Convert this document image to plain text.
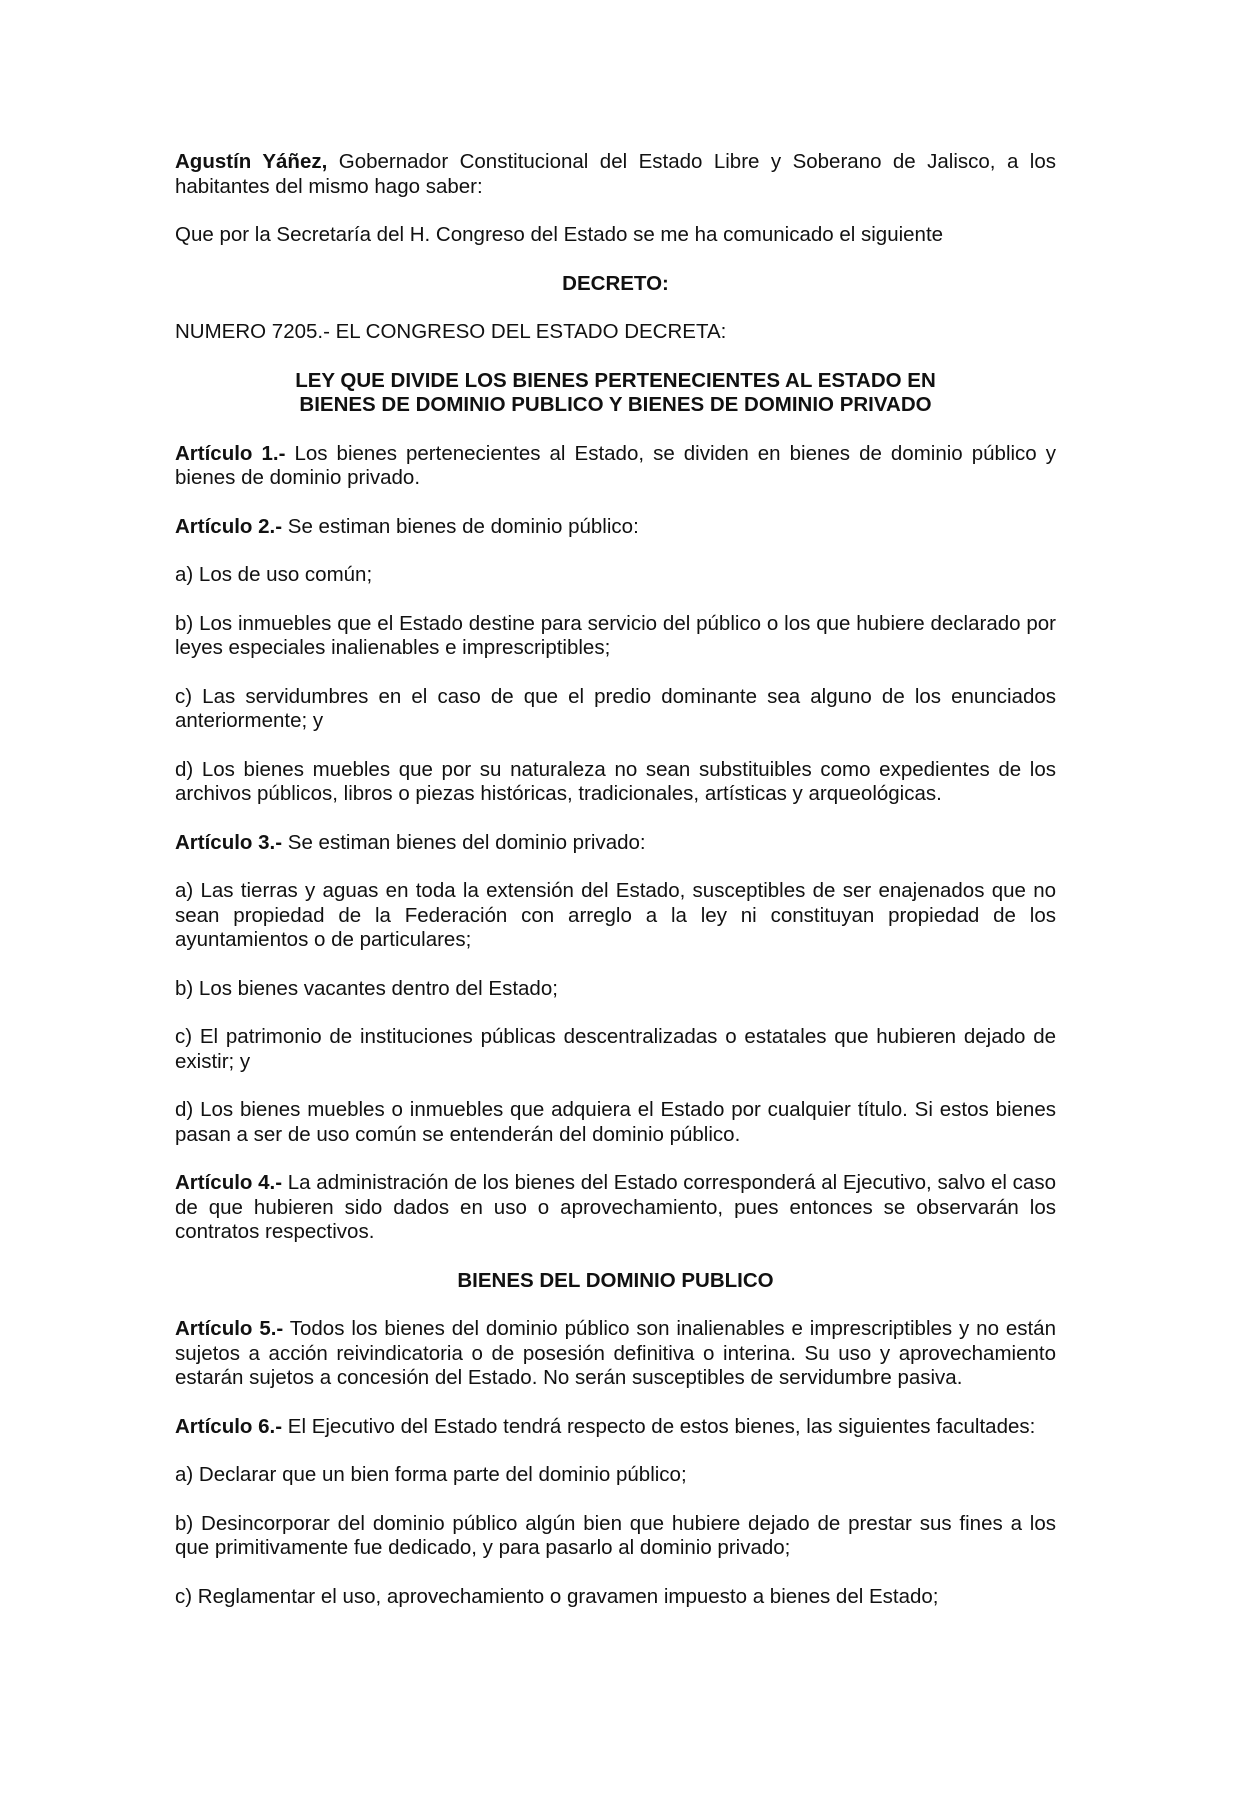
Agustín Yáñez, Gobernador Constitucional del Estado Libre y Soberano de Jalisco, a los habitantes del mismo hago saber:

Que por la Secretaría del H. Congreso del Estado se me ha comunicado el siguiente

DECRETO:

NUMERO 7205.- EL CONGRESO DEL ESTADO DECRETA:

LEY QUE DIVIDE LOS BIENES PERTENECIENTES AL ESTADO EN
BIENES DE DOMINIO PUBLICO Y BIENES DE DOMINIO PRIVADO

Artículo 1.- Los bienes pertenecientes al Estado, se dividen en bienes de dominio público y bienes de dominio privado.

Artículo 2.- Se estiman bienes de dominio público:

a) Los de uso común;

b) Los inmuebles que el Estado destine para servicio del público o los que hubiere declarado por leyes especiales inalienables e imprescriptibles;

c) Las servidumbres en el caso de que el predio dominante sea alguno de los enunciados anteriormente; y

d) Los bienes muebles que por su naturaleza no sean substituibles como expedientes de los archivos públicos, libros o piezas históricas, tradicionales, artísticas y arqueológicas.

Artículo 3.- Se estiman bienes del dominio privado:

a) Las tierras y aguas en toda la extensión del Estado, susceptibles de ser enajenados que no sean propiedad de la Federación con arreglo a la ley ni constituyan propiedad de los ayuntamientos o de particulares;

b) Los bienes vacantes dentro del Estado;

c) El patrimonio de instituciones públicas descentralizadas o estatales que hubieren dejado de existir; y

d) Los bienes muebles o inmuebles que adquiera el Estado por cualquier título. Si estos bienes pasan a ser de uso común se entenderán del dominio público.

Artículo 4.- La administración de los bienes del Estado corresponderá al Ejecutivo, salvo el caso de que hubieren sido dados en uso o aprovechamiento, pues entonces se observarán los contratos respectivos.

BIENES DEL DOMINIO PUBLICO

Artículo 5.- Todos los bienes del dominio público son inalienables e imprescriptibles y no están sujetos a acción reivindicatoria o de posesión definitiva o interina. Su uso y aprovechamiento estarán sujetos a concesión del Estado. No serán susceptibles de servidumbre pasiva.

Artículo 6.- El Ejecutivo del Estado tendrá respecto de estos bienes, las siguientes facultades:

a) Declarar que un bien forma parte del dominio público;

b) Desincorporar del dominio público algún bien que hubiere dejado de prestar sus fines a los que primitivamente fue dedicado, y para pasarlo al dominio privado;

c) Reglamentar el uso, aprovechamiento o gravamen impuesto a bienes del Estado;
